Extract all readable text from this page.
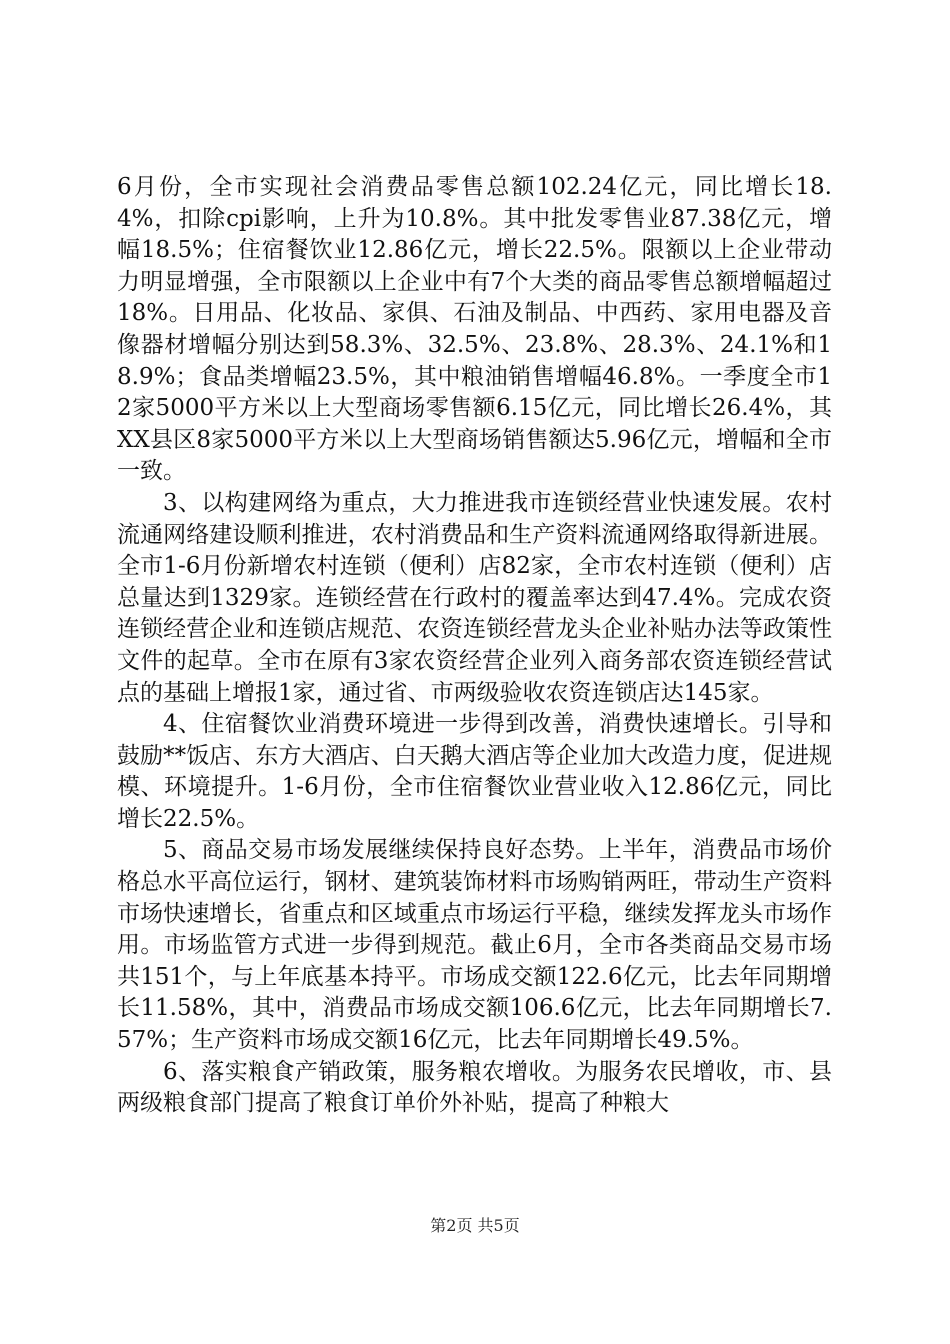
6月份，全市实现社会消费品零售总额102.24亿元，同比增长18.4%，扣除cpi影响，上升为10.8%。其中批发零售业87.38亿元，增幅18.5%；住宿餐饮业12.86亿元，增长22.5%。限额以上企业带动力明显增强，全市限额以上企业中有7个大类的商品零售总额增幅超过18%。日用品、化妆品、家俱、石油及制品、中西药、家用电器及音像器材增幅分别达到58.3%、32.5%、23.8%、28.3%、24.1%和18.9%；食品类增幅23.5%，其中粮油销售增幅46.8%。一季度全市12家5000平方米以上大型商场零售额6.15亿元，同比增长26.4%，其XX县区8家5000平方米以上大型商场销售额达5.96亿元，增幅和全市一致。

3、以构建网络为重点，大力推进我市连锁经营业快速发展。农村流通网络建设顺利推进，农村消费品和生产资料流通网络取得新进展。全市1-6月份新增农村连锁（便利）店82家，全市农村连锁（便利）店总量达到1329家。连锁经营在行政村的覆盖率达到47.4%。完成农资连锁经营企业和连锁店规范、农资连锁经营龙头企业补贴办法等政策性文件的起草。全市在原有3家农资经营企业列入商务部农资连锁经营试点的基础上增报1家，通过省、市两级验收农资连锁店达145家。

4、住宿餐饮业消费环境进一步得到改善，消费快速增长。引导和鼓励**饭店、东方大酒店、白天鹅大酒店等企业加大改造力度，促进规模、环境提升。1-6月份，全市住宿餐饮业营业收入12.86亿元，同比增长22.5%。

5、商品交易市场发展继续保持良好态势。上半年，消费品市场价格总水平高位运行，钢材、建筑装饰材料市场购销两旺，带动生产资料市场快速增长，省重点和区域重点市场运行平稳，继续发挥龙头市场作用。市场监管方式进一步得到规范。截止6月，全市各类商品交易市场共151个，与上年底基本持平。市场成交额122.6亿元，比去年同期增长11.58%，其中，消费品市场成交额106.6亿元，比去年同期增长7.57%；生产资料市场成交额16亿元，比去年同期增长49.5%。

6、落实粮食产销政策，服务粮农增收。为服务农民增收，市、县两级粮食部门提高了粮食订单价外补贴，提高了种粮大

第2页 共5页
